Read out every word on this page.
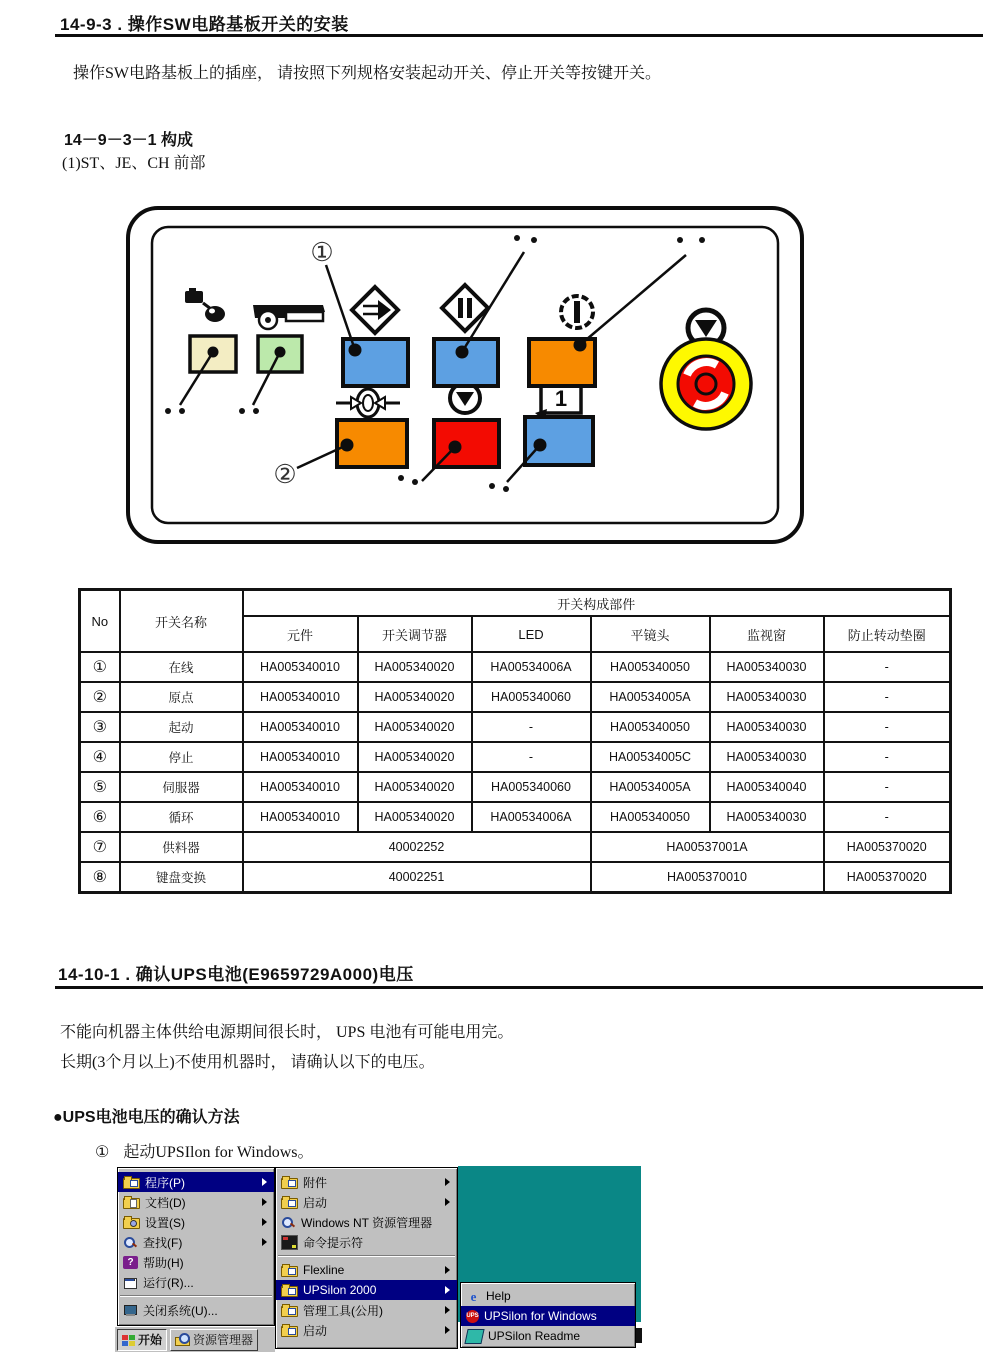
14-9-3 . 操作SW电路基板开关的安装

操作SW电路基板上的插座， 请按照下列规格安装起动开关、停止开关等按键开关。

14－9－3－1 构成
(1)ST、JE、CH 前部
1
①
②
No	开关名称	开关构成部件					
		元件	开关调节器	LED	平镜头	监视窗	防止转动垫圈
①	在线	HA005340010	HA005340020	HA00534006A	HA005340050	HA005340030	-
②	原点	HA005340010	HA005340020	HA005340060	HA00534005A	HA005340030	-
③	起动	HA005340010	HA005340020	-	HA005340050	HA005340030	-
④	停止	HA005340010	HA005340020	-	HA00534005C	HA005340030	-
⑤	伺服器	HA005340010	HA005340020	HA005340060	HA00534005A	HA005340040	-
⑥	循环	HA005340010	HA005340020	HA00534006A	HA005340050	HA005340030	-
⑦	供料器	40002252			HA00537001A		HA005370020
⑧	键盘变换	40002251			HA005370010		HA005370020
14-10-1 . 确认UPS电池(E9659729A000)电压

不能向机器主体供给电源期间很长时， UPS 电池有可能电用完。

长期(3个月以上)不使用机器时， 请确认以下的电压。

●UPS电池电压的确认方法
① 起动UPSIlon for Windows。
程序(P)
文档(D)
设置(S)
查找(F)
? 帮助(H)
运行(R)...
关闭系统(U)...
开始	资源管理器
附件
启动
Windows NT 资源管理器
命令提示符
Flexline
UPSilon 2000
管理工具(公用)
启动
e Help
UPS UPSilon for Windows
UPSilon Readme
